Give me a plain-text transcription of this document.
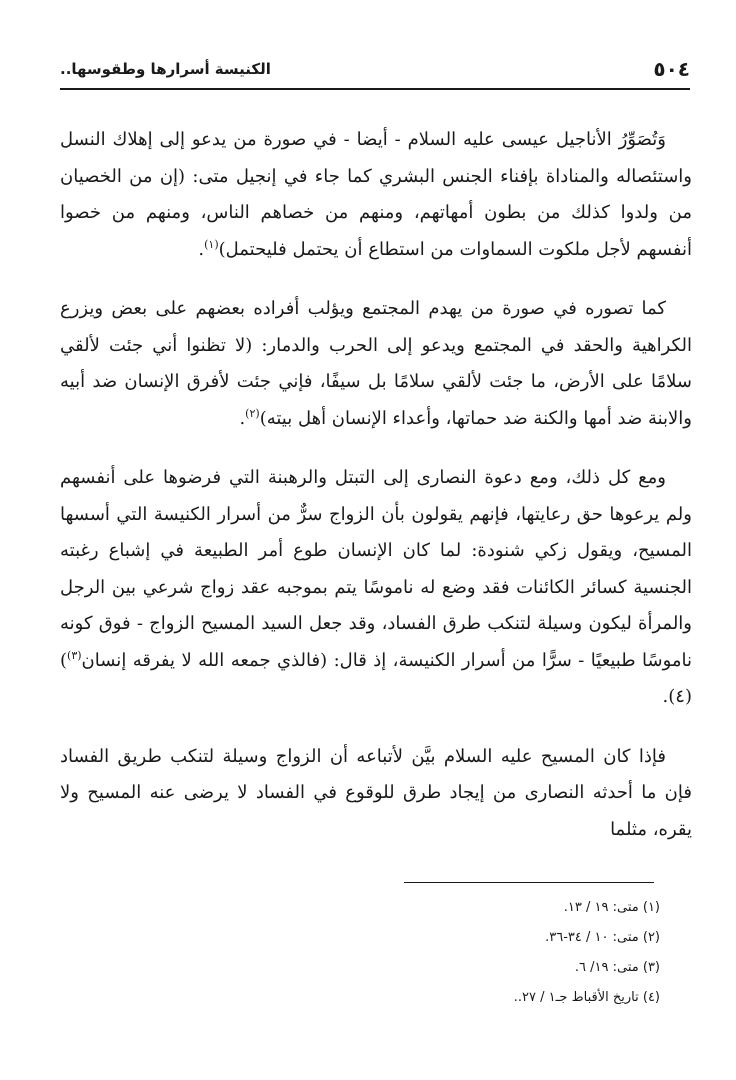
٥٠٤
الكنيسة أسرارها وطقوسها..

وَتُصَوِّرُ الأناجيل عيسى عليه السلام - أيضا - في صورة من يدعو إلى إهلاك النسل واستئصاله والمناداة بإفناء الجنس البشري كما جاء في إنجيل متى: (إن من الخصيان من ولدوا كذلك من بطون أمهاتهم، ومنهم من خصاهم الناس، ومنهم من خصوا أنفسهم لأجل ملكوت السماوات من استطاع أن يحتمل فليحتمل)$^{(١)}$.

كما تصوره في صورة من يهدم المجتمع ويؤلب أفراده بعضهم على بعض ويزرع الكراهية والحقد في المجتمع ويدعو إلى الحرب والدمار: (لا تظنوا أني جئت لألقي سلامًا على الأرض، ما جئت لألقي سلامًا بل سيفًا، فإني جئت لأفرق الإنسان ضد أبيه والابنة ضد أمها والكنة ضد حماتها، وأعداء الإنسان أهل بيته)$^{(٢)}$.

ومع كل ذلك، ومع دعوة النصارى إلى التبتل والرهبنة التي فرضوها على أنفسهم ولم يرعوها حق رعايتها، فإنهم يقولون بأن الزواج سرٌّ من أسرار الكنيسة التي أسسها المسيح، ويقول زكي شنودة: لما كان الإنسان طوع أمر الطبيعة في إشباع رغبته الجنسية كسائر الكائنات فقد وضع له ناموسًا يتم بموجبه عقد زواج شرعي بين الرجل والمرأة ليكون وسيلة لتنكب طرق الفساد، وقد جعل السيد المسيح الزواج - فوق كونه ناموسًا طبيعيًا - سرًّا من أسرار الكنيسة، إذ قال: (فالذي جمعه الله لا يفرقه إنسان$^{(٣)}$)(٤).

فإذا كان المسيح عليه السلام بيَّن لأتباعه أن الزواج وسيلة لتنكب طريق الفساد فإن ما أحدثه النصارى من إيجاد طرق للوقوع في الفساد لا يرضى عنه المسيح ولا يقره، مثلما

(١) متى: ١٩ / ١٣.
(٢) متى: ١٠ / ٣٤-٣٦.
(٣) متى: ١٩/ ٦.
(٤) تاريخ الأقباط جـ١ / ٢٧..
